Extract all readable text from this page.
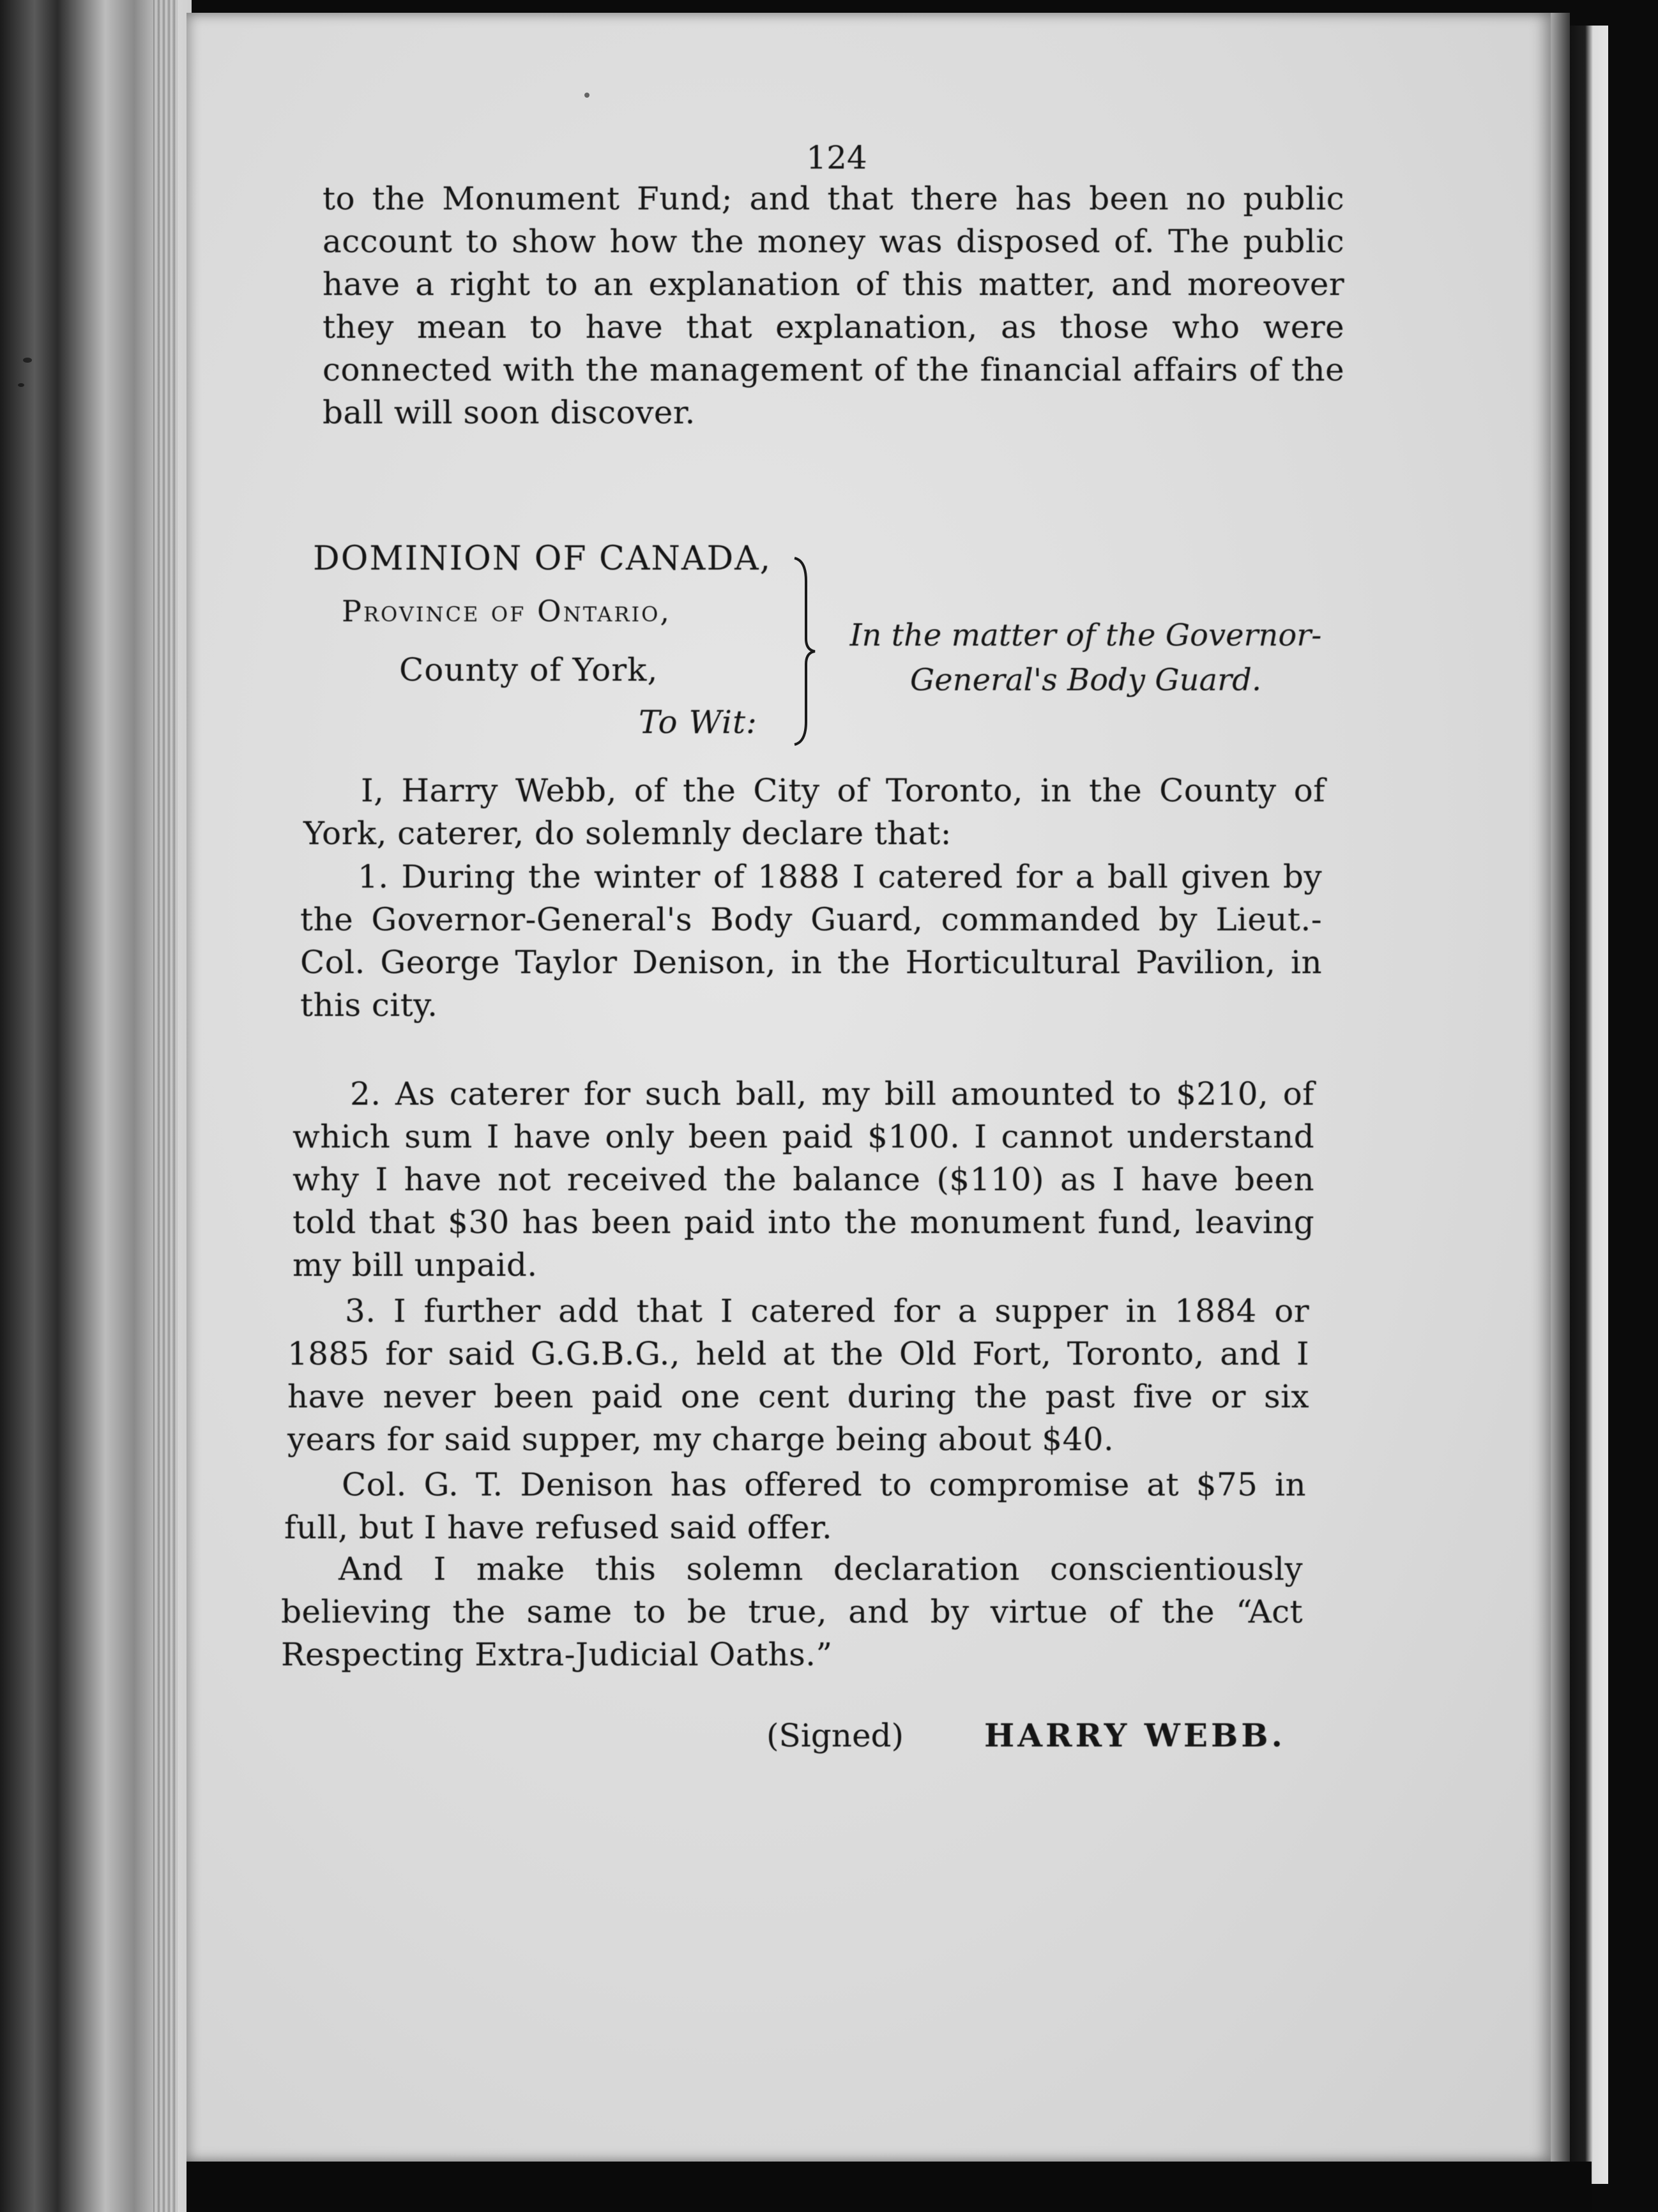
124
to the Monument Fund; and that there has been no public account to show how the money was disposed of. The public have a right to an explanation of this matter, and moreover they mean to have that explanation, as those who were connected with the management of the financial affairs of the ball will soon discover.
DOMINION OF CANADA,
Province of Ontario,
County of York,
To Wit:
In the matter of the Governor-General's Body Guard.
I, Harry Webb, of the City of Toronto, in the County of York, caterer, do solemnly declare that:
1. During the winter of 1888 I catered for a ball given by the Governor-General's Body Guard, commanded by Lieut.-Col. George Taylor Denison, in the Horticultural Pavilion, in this city.
2. As caterer for such ball, my bill amounted to $210, of which sum I have only been paid $100. I cannot understand why I have not received the balance ($110) as I have been told that $30 has been paid into the monument fund, leaving my bill unpaid.
3. I further add that I catered for a supper in 1884 or 1885 for said G.G.B.G., held at the Old Fort, Toronto, and I have never been paid one cent during the past five or six years for said supper, my charge being about $40.
Col. G. T. Denison has offered to compromise at $75 in full, but I have refused said offer.
And I make this solemn declaration conscientiously believing the same to be true, and by virtue of the “Act Respecting Extra-Judicial Oaths.”
(Signed)	HARRY WEBB.
